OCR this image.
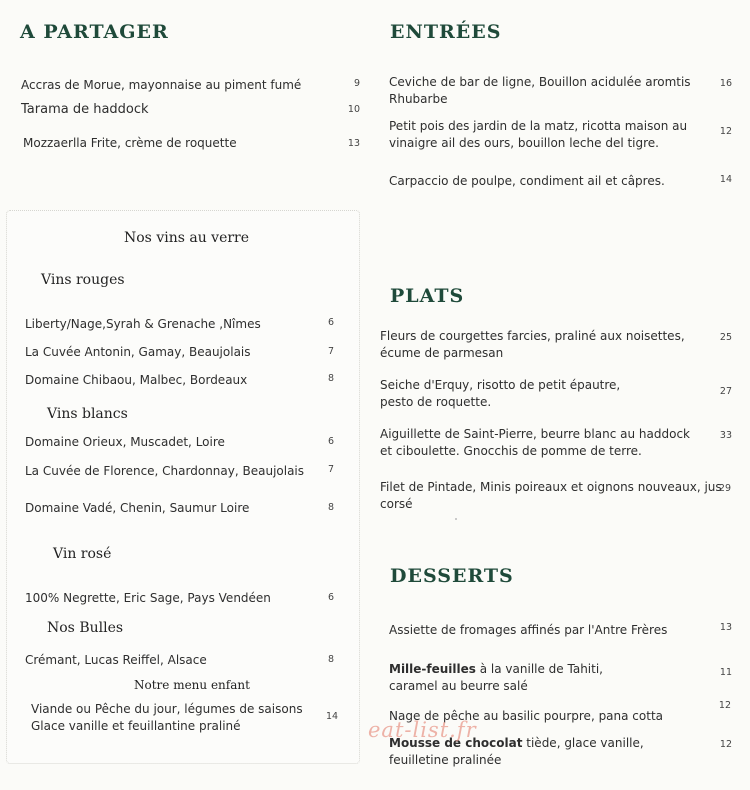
A PARTAGER
Accras de Morue, mayonnaise au piment fumé	9
Tarama de haddock	10
Mozzaerlla Frite, crème de roquette	13
ENTRÉES
Ceviche de bar de ligne, Bouillon acidulée aromtis
Rhubarbe
16
Petit pois des jardin de la matz, ricotta maison au
vinaigre ail des ours, bouillon leche del tigre.
12
Carpaccio de poulpe, condiment ail et câpres.	14
PLATS
Fleurs de courgettes farcies, praliné aux noisettes,
écume de parmesan
25
Seiche d'Erquy, risotto de petit épautre,
pesto de roquette.
27
Aiguillette de Saint-Pierre, beurre blanc au haddock
et ciboulette. Gnocchis de pomme de terre.
33
Filet de Pintade, Minis poireaux et oignons nouveaux, jus
corsé
29
DESSERTS
Assiette de fromages affinés par l'Antre Frères	13
Mille-feuilles à la vanille de Tahiti,
caramel au beurre salé
11
Nage de pêche au basilic pourpre, pana cotta
12
Mousse de chocolat tiède, glace vanille,
feuilletine pralinée
12
Nos vins au verre
Vins rouges
Liberty/Nage,Syrah & Grenache ,Nîmes	6
La Cuvée Antonin, Gamay, Beaujolais	7
Domaine Chibaou, Malbec, Bordeaux	8
Vins blancs
Domaine Orieux, Muscadet, Loire	6
La Cuvée de Florence, Chardonnay, Beaujolais	7
Domaine Vadé, Chenin, Saumur Loire	8
Vin rosé
100% Negrette, Eric Sage, Pays Vendéen	6
Nos Bulles
Crémant, Lucas Reiffel, Alsace	8
Notre menu enfant
Viande ou Pêche du jour, légumes de saisons
Glace vanille et feuillantine praliné
14
eat-list.fr
